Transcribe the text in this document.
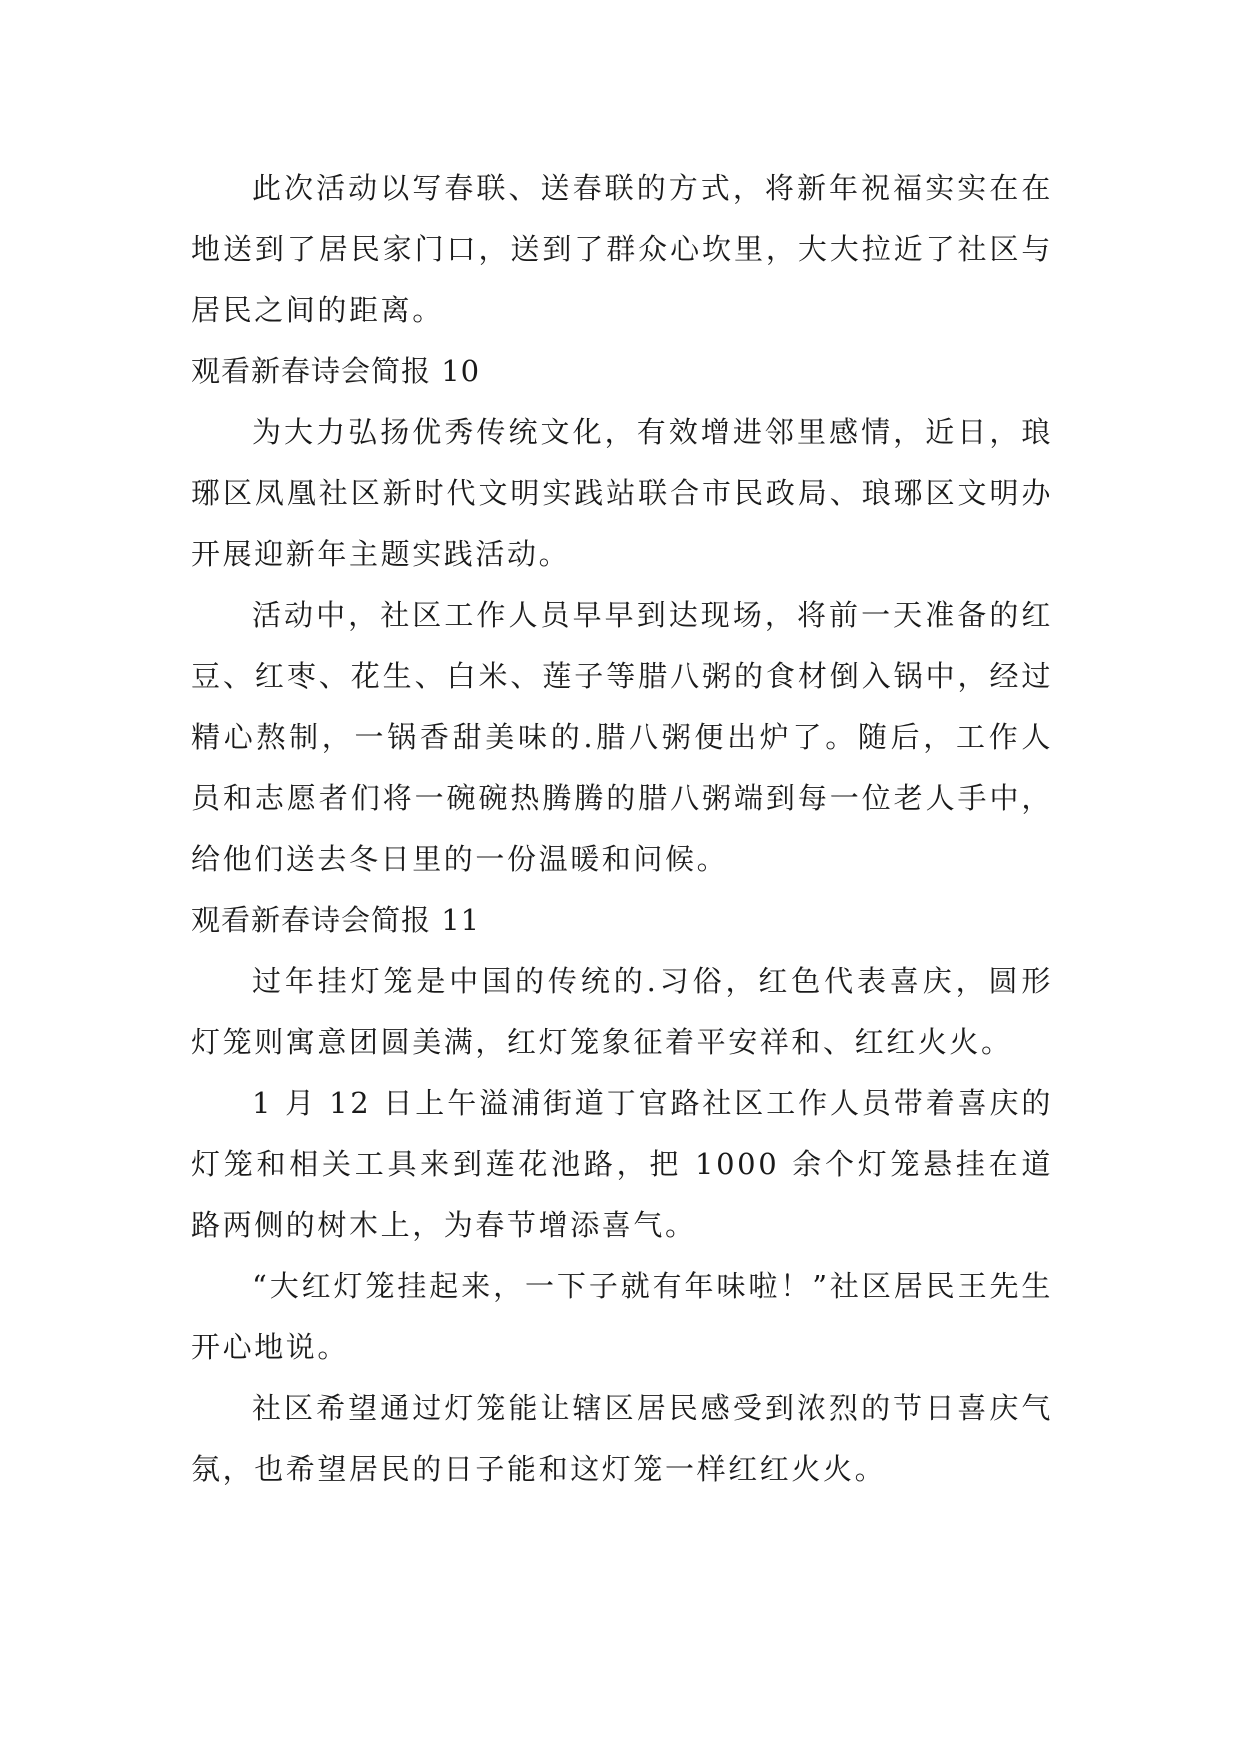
此次活动以写春联、送春联的方式，将新年祝福实实在在地送到了居民家门口，送到了群众心坎里，大大拉近了社区与居民之间的距离。

观看新春诗会简报 10

为大力弘扬优秀传统文化，有效增进邻里感情，近日，琅琊区凤凰社区新时代文明实践站联合市民政局、琅琊区文明办开展迎新年主题实践活动。

活动中，社区工作人员早早到达现场，将前一天准备的红豆、红枣、花生、白米、莲子等腊八粥的食材倒入锅中，经过精心熬制，一锅香甜美味的.腊八粥便出炉了。随后，工作人员和志愿者们将一碗碗热腾腾的腊八粥端到每一位老人手中，给他们送去冬日里的一份温暖和问候。

观看新春诗会简报 11

过年挂灯笼是中国的传统的.习俗，红色代表喜庆，圆形灯笼则寓意团圆美满，红灯笼象征着平安祥和、红红火火。

1 月 12 日上午溢浦街道丁官路社区工作人员带着喜庆的灯笼和相关工具来到莲花池路，把 1000 余个灯笼悬挂在道路两侧的树木上，为春节增添喜气。

“大红灯笼挂起来，一下子就有年味啦！”社区居民王先生开心地说。

社区希望通过灯笼能让辖区居民感受到浓烈的节日喜庆气氛，也希望居民的日子能和这灯笼一样红红火火。
